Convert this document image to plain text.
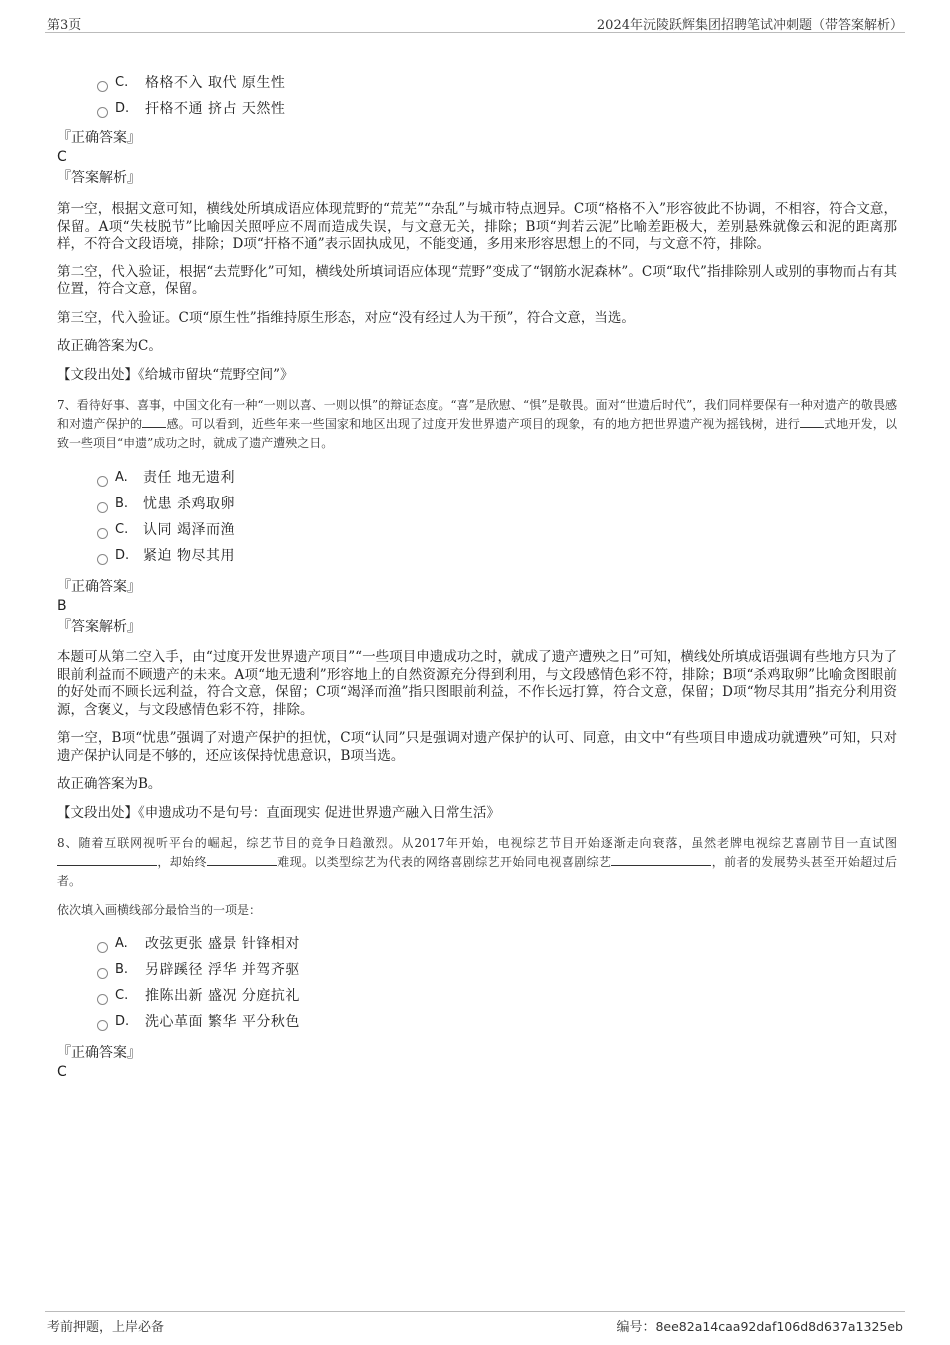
第3页	2024年沅陵跃辉集团招聘笔试冲刺题（带答案解析）
C. 格格不入 取代 原生性
D. 扞格不通 挤占 天然性

『正确答案』

C

『答案解析』

第一空，根据文意可知，横线处所填成语应体现荒野的“荒芜”“杂乱”与城市特点迥异。C项“格格不入”形容彼此不协调，不相容，符合文意，保留。A项“失枝脱节”比喻因关照呼应不周而造成失误，与文意无关，排除；B项“判若云泥”比喻差距极大，差别悬殊就像云和泥的距离那样，不符合文段语境，排除；D项“扞格不通”表示固执成见，不能变通，多用来形容思想上的不同，与文意不符，排除。

第二空，代入验证，根据“去荒野化”可知，横线处所填词语应体现“荒野”变成了“钢筋水泥森林”。C项“取代”指排除别人或别的事物而占有其位置，符合文意，保留。

第三空，代入验证。C项“原生性”指维持原生形态，对应“没有经过人为干预”，符合文意，当选。

故正确答案为C。

【文段出处】《给城市留块“荒野空间”》

7、看待好事、喜事，中国文化有一种“一则以喜、一则以惧”的辩证态度。“喜”是欣慰、“惧”是敬畏。面对“世遗后时代”，我们同样要保有一种对遗产的敬畏感和对遗产保护的 感。可以看到，近些年来一些国家和地区出现了过度开发世界遗产项目的现象，有的地方把世界遗产视为摇钱树，进行 式地开发，以致一些项目“申遗”成功之时，就成了遗产遭殃之日。

A. 责任 地无遗利
B. 忧患 杀鸡取卵
C. 认同 竭泽而渔
D. 紧迫 物尽其用

『正确答案』

B

『答案解析』

本题可从第二空入手，由“过度开发世界遗产项目”“一些项目申遗成功之时，就成了遗产遭殃之日”可知，横线处所填成语强调有些地方只为了眼前利益而不顾遗产的未来。A项“地无遗利”形容地上的自然资源充分得到利用，与文段感情色彩不符，排除；B项“杀鸡取卵”比喻贪图眼前的好处而不顾长远利益，符合文意，保留；C项“竭泽而渔”指只图眼前利益，不作长远打算，符合文意，保留；D项“物尽其用”指充分利用资源，含褒义，与文段感情色彩不符，排除。

第一空，B项“忧患”强调了对遗产保护的担忧，C项“认同”只是强调对遗产保护的认可、同意，由文中“有些项目申遗成功就遭殃”可知，只对遗产保护认同是不够的，还应该保持忧患意识，B项当选。

故正确答案为B。

【文段出处】《申遗成功不是句号：直面现实 促进世界遗产融入日常生活》

8、随着互联网视听平台的崛起，综艺节目的竞争日趋激烈。从2017年开始，电视综艺节目开始逐渐走向衰落，虽然老牌电视综艺喜剧节目一直试图，却始终	难现。以类型综艺为代表的网络喜剧综艺开始同电视喜剧综艺	，前者的发展势头甚至开始超过后者。

依次填入画横线部分最恰当的一项是：

A. 改弦更张 盛景 针锋相对
B. 另辟蹊径 浮华 并驾齐驱
C. 推陈出新 盛况 分庭抗礼
D. 洗心革面 繁华 平分秋色

『正确答案』

C

考前押题，上岸必备	编号：8ee82a14caa92daf106d8d637a1325eb
